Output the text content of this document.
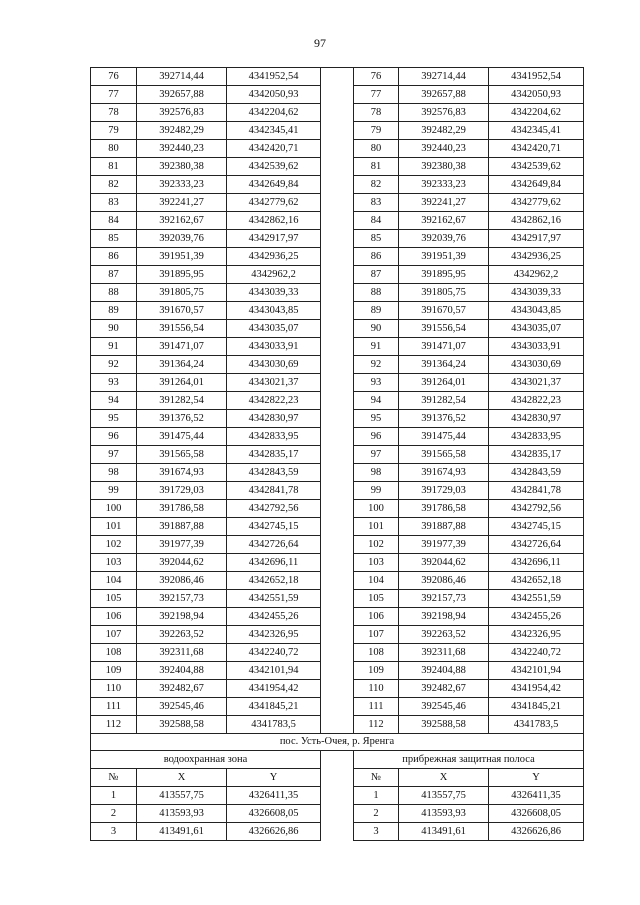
97
76	392714,44	4341952,54		76	392714,44	4341952,54
77	392657,88	4342050,93		77	392657,88	4342050,93
78	392576,83	4342204,62		78	392576,83	4342204,62
79	392482,29	4342345,41		79	392482,29	4342345,41
80	392440,23	4342420,71		80	392440,23	4342420,71
81	392380,38	4342539,62		81	392380,38	4342539,62
82	392333,23	4342649,84		82	392333,23	4342649,84
83	392241,27	4342779,62		83	392241,27	4342779,62
84	392162,67	4342862,16		84	392162,67	4342862,16
85	392039,76	4342917,97		85	392039,76	4342917,97
86	391951,39	4342936,25		86	391951,39	4342936,25
87	391895,95	4342962,2		87	391895,95	4342962,2
88	391805,75	4343039,33		88	391805,75	4343039,33
89	391670,57	4343043,85		89	391670,57	4343043,85
90	391556,54	4343035,07		90	391556,54	4343035,07
91	391471,07	4343033,91		91	391471,07	4343033,91
92	391364,24	4343030,69		92	391364,24	4343030,69
93	391264,01	4343021,37		93	391264,01	4343021,37
94	391282,54	4342822,23		94	391282,54	4342822,23
95	391376,52	4342830,97		95	391376,52	4342830,97
96	391475,44	4342833,95		96	391475,44	4342833,95
97	391565,58	4342835,17		97	391565,58	4342835,17
98	391674,93	4342843,59		98	391674,93	4342843,59
99	391729,03	4342841,78		99	391729,03	4342841,78
100	391786,58	4342792,56		100	391786,58	4342792,56
101	391887,88	4342745,15		101	391887,88	4342745,15
102	391977,39	4342726,64		102	391977,39	4342726,64
103	392044,62	4342696,11		103	392044,62	4342696,11
104	392086,46	4342652,18		104	392086,46	4342652,18
105	392157,73	4342551,59		105	392157,73	4342551,59
106	392198,94	4342455,26		106	392198,94	4342455,26
107	392263,52	4342326,95		107	392263,52	4342326,95
108	392311,68	4342240,72		108	392311,68	4342240,72
109	392404,88	4342101,94		109	392404,88	4342101,94
110	392482,67	4341954,42		110	392482,67	4341954,42
111	392545,46	4341845,21		111	392545,46	4341845,21
112	392588,58	4341783,5		112	392588,58	4341783,5
пос. Усть-Очея, р. Яренга						
водоохранная зона				прибрежная защитная полоса		
№	X	Y		№	X	Y
1	413557,75	4326411,35		1	413557,75	4326411,35
2	413593,93	4326608,05		2	413593,93	4326608,05
3	413491,61	4326626,86		3	413491,61	4326626,86
